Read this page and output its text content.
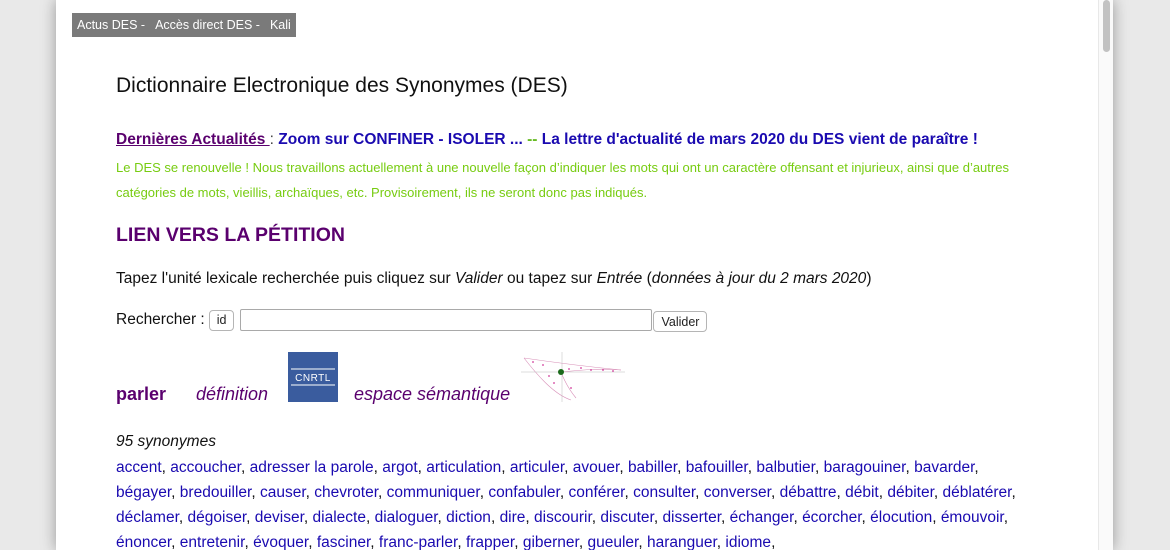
Actus DES - Accès direct DES - Kali
Dictionnaire Electronique des Synonymes (DES)
Dernières Actualités : Zoom sur CONFINER - ISOLER ... -- La lettre d'actualité de mars 2020 du DES vient de paraître !
Le DES se renouvelle ! Nous travaillons actuellement à une nouvelle façon d’indiquer les mots qui ont un caractère offensant et injurieux, ainsi que d’autres catégories de mots, vieillis, archaïques, etc. Provisoirement, ils ne seront donc pas indiqués.
LIEN VERS LA PÉTITION
Tapez l'unité lexicale recherchée puis cliquez sur Valider ou tapez sur Entrée (données à jour du 2 mars 2020)
Rechercher : id	Valider
parler définition
CNRTL
espace sémantique
95 synonymes
accent, accoucher, adresser la parole, argot, articulation, articuler, avouer, babiller, bafouiller, balbutier, baragouiner, bavarder, bégayer, bredouiller, causer, chevroter, communiquer, confabuler, conférer, consulter, converser, débattre, débit, débiter, déblatérer, déclamer, dégoiser, deviser, dialecte, dialoguer, diction, dire, discourir, discuter, disserter, échanger, écorcher, élocution, émouvoir, énoncer, entretenir, évoquer, fasciner, franc-parler, frapper, giberner, gueuler, haranguer, idiome,
